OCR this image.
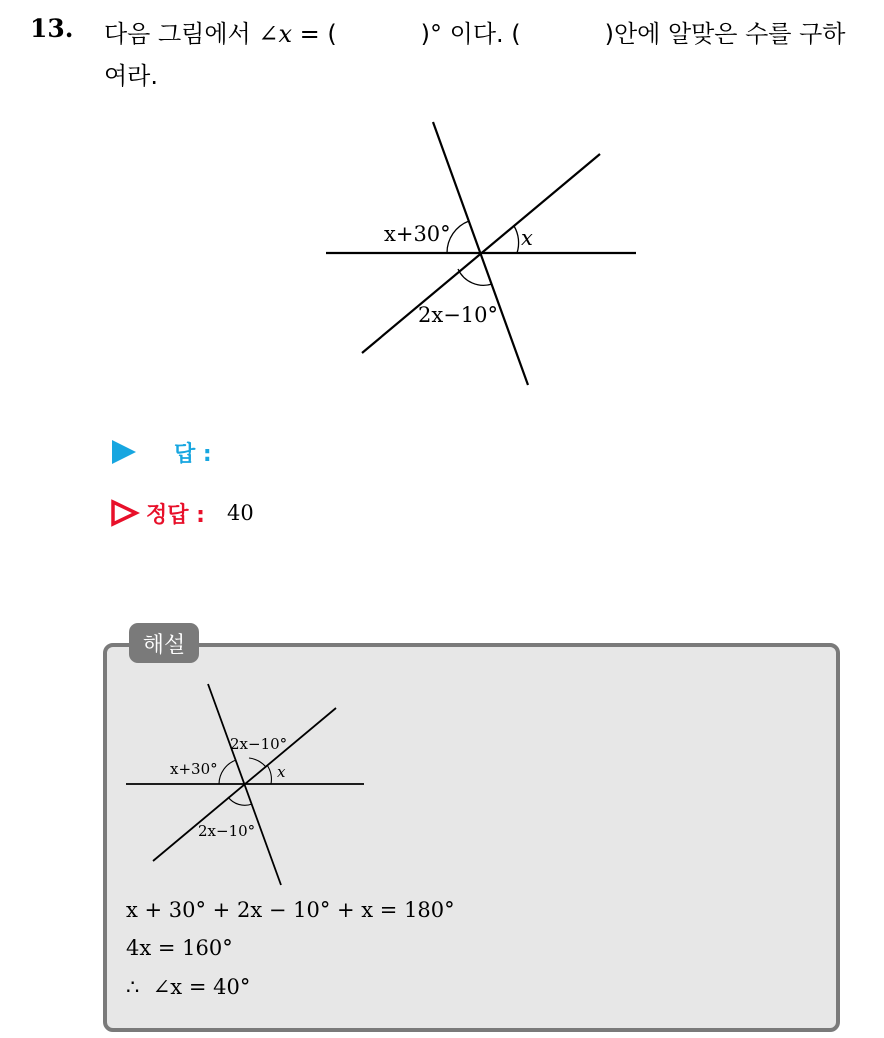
13. 다음 그림에서 ∠x = (           )° 이다. (           )안에 알맞은 수를 구하
여라.
x+30°	x
2x−10°
답 :
정답 : 40
해설
2x−10°
x+30°	x
2x−10°
x + 30° + 2x − 10° + x = 180°
4x = 160°
∴  ∠x = 40°
